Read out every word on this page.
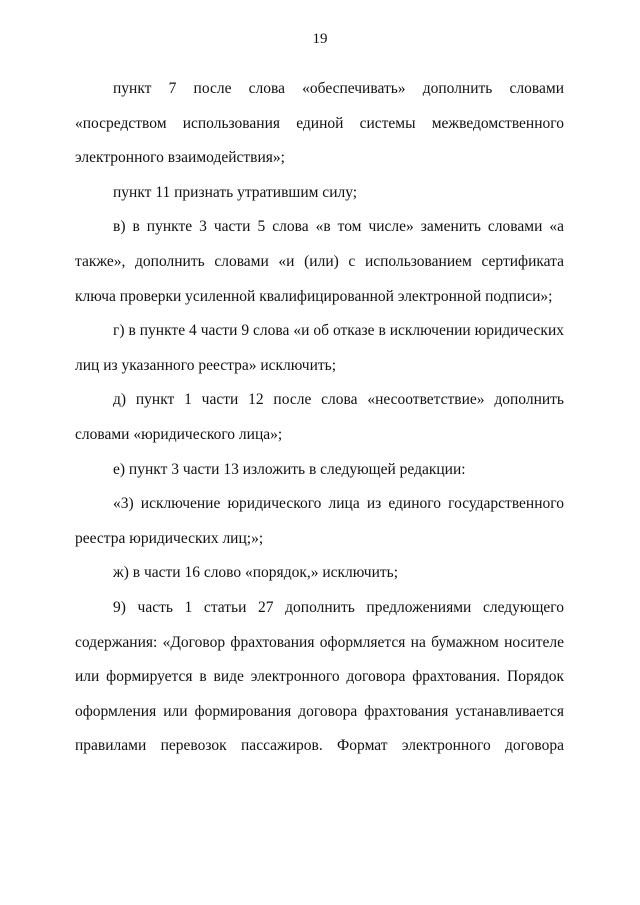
19

пункт 7 после слова «обеспечивать» дополнить словами «посредством использования единой системы межведомственного электронного взаимодействия»;

пункт 11 признать утратившим силу;

в) в пункте 3 части 5 слова «в том числе» заменить словами «а также», дополнить словами «и (или) с использованием сертификата ключа проверки усиленной квалифицированной электронной подписи»;

г) в пункте 4 части 9 слова «и об отказе в исключении юридических лиц из указанного реестра» исключить;

д) пункт 1 части 12 после слова «несоответствие» дополнить словами «юридического лица»;

е) пункт 3 части 13 изложить в следующей редакции:

«3) исключение юридического лица из единого государственного реестра юридических лиц;»;

ж) в части 16 слово «порядок,» исключить;

9) часть 1 статьи 27 дополнить предложениями следующего содержания: «Договор фрахтования оформляется на бумажном носителе или формируется в виде электронного договора фрахтования. Порядок оформления или формирования договора фрахтования устанавливается правилами перевозок пассажиров. Формат электронного договора
